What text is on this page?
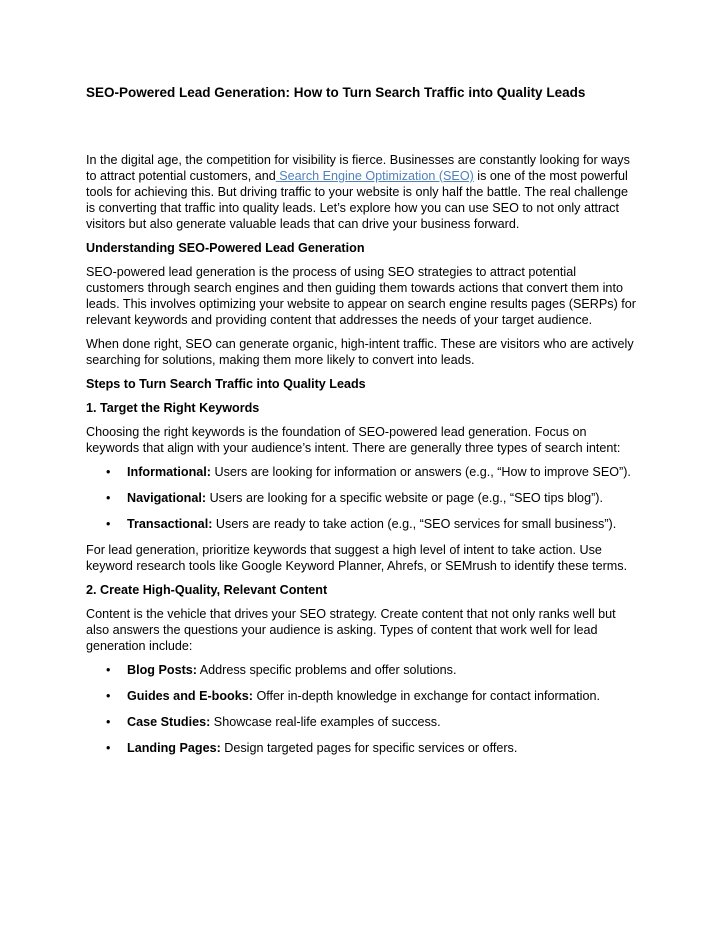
SEO-Powered Lead Generation: How to Turn Search Traffic into Quality Leads

In the digital age, the competition for visibility is fierce. Businesses are constantly looking for ways to attract potential customers, and Search Engine Optimization (SEO) is one of the most powerful tools for achieving this. But driving traffic to your website is only half the battle. The real challenge is converting that traffic into quality leads. Let’s explore how you can use SEO to not only attract visitors but also generate valuable leads that can drive your business forward.

Understanding SEO-Powered Lead Generation

SEO-powered lead generation is the process of using SEO strategies to attract potential customers through search engines and then guiding them towards actions that convert them into leads. This involves optimizing your website to appear on search engine results pages (SERPs) for relevant keywords and providing content that addresses the needs of your target audience.

When done right, SEO can generate organic, high-intent traffic. These are visitors who are actively searching for solutions, making them more likely to convert into leads.

Steps to Turn Search Traffic into Quality Leads

1. Target the Right Keywords

Choosing the right keywords is the foundation of SEO-powered lead generation. Focus on keywords that align with your audience’s intent. There are generally three types of search intent:

• Informational: Users are looking for information or answers (e.g., “How to improve SEO”).
• Navigational: Users are looking for a specific website or page (e.g., “SEO tips blog”).
• Transactional: Users are ready to take action (e.g., “SEO services for small business”).

For lead generation, prioritize keywords that suggest a high level of intent to take action. Use keyword research tools like Google Keyword Planner, Ahrefs, or SEMrush to identify these terms.

2. Create High-Quality, Relevant Content

Content is the vehicle that drives your SEO strategy. Create content that not only ranks well but also answers the questions your audience is asking. Types of content that work well for lead generation include:

• Blog Posts: Address specific problems and offer solutions.
• Guides and E-books: Offer in-depth knowledge in exchange for contact information.
• Case Studies: Showcase real-life examples of success.
• Landing Pages: Design targeted pages for specific services or offers.
